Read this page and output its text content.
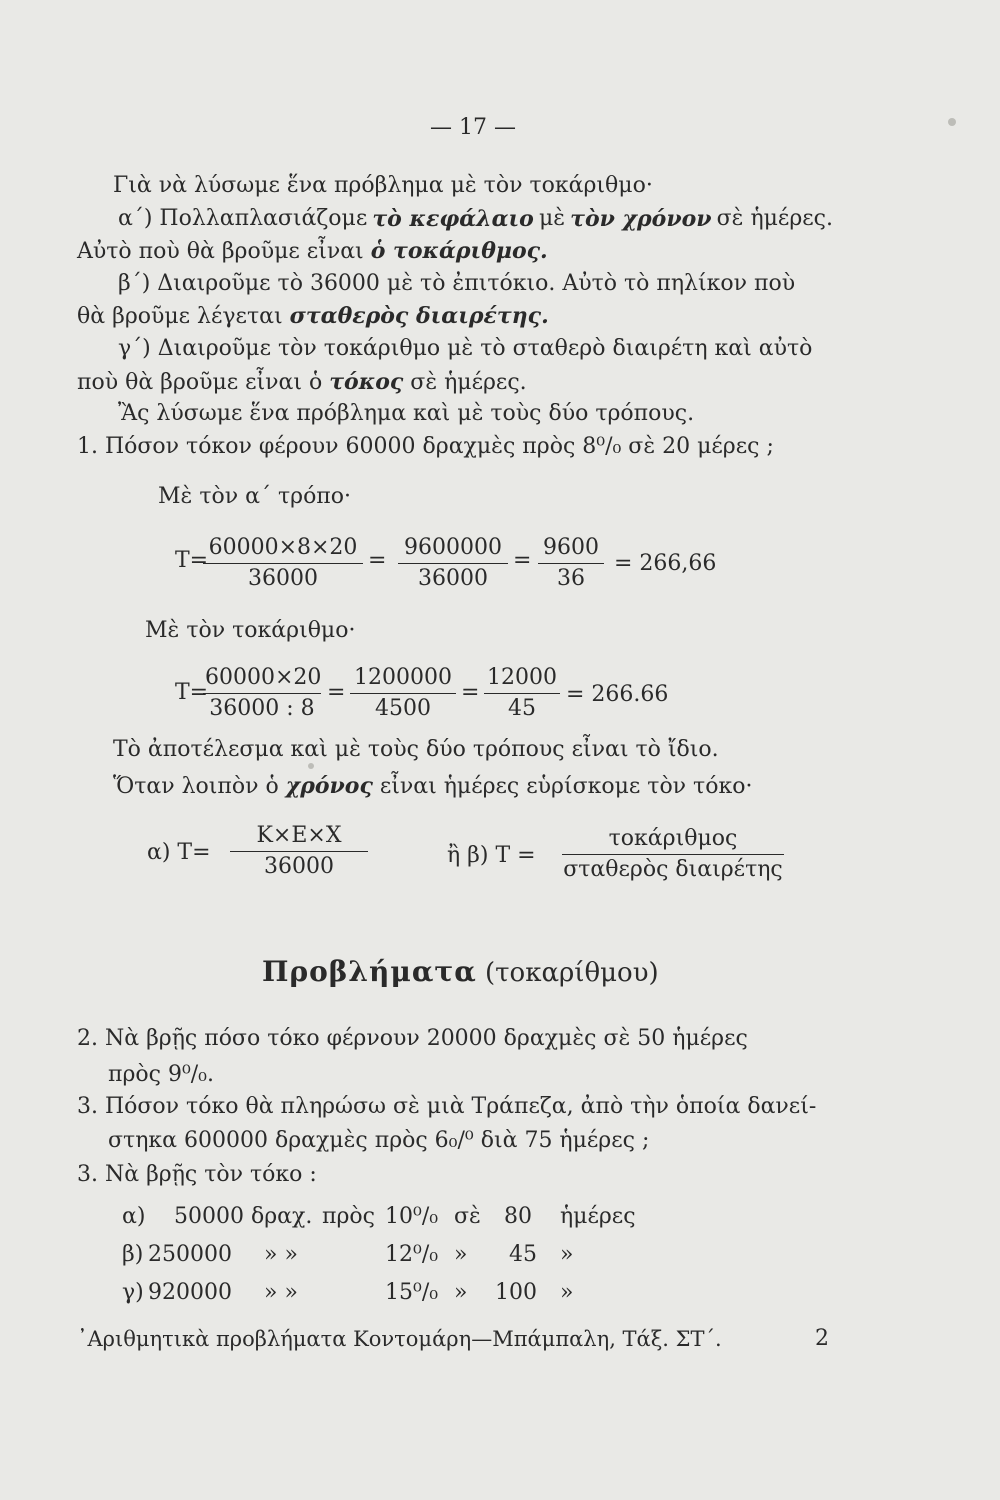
— 17 —
Γιὰ νὰ λύσωμε ἕνα πρόβλημα μὲ τὸν τοκάριθμο·
α΄) Πολλαπλασιάζομε τὸ κεφάλαιο μὲ τὸν χρόνον σὲ ἡμέρες.
Αὐτὸ ποὺ θὰ βροῦμε εἶναι ὁ τοκάριθμος.
β΄) Διαιροῦμε τὸ 36000 μὲ τὸ ἐπιτόκιο. Αὐτὸ τὸ πηλίκον ποὺ
θὰ βροῦμε λέγεται σταθερὸς διαιρέτης.
γ΄) Διαιροῦμε τὸν τοκάριθμο μὲ τὸ σταθερὸ διαιρέτη καὶ αὐτὸ
ποὺ θὰ βροῦμε εἶναι ὁ τόκος σὲ ἡμέρες.
Ἂς λύσωμε ἕνα πρόβλημα καὶ μὲ τοὺς δύο τρόπους.
1. Πόσον τόκον φέρουν 60000 δραχμὲς πρὸς 8⁰/₀ σὲ 20 μέρες ;
Μὲ τὸν α΄ τρόπο·
Τ=
$\frac{60000\times 8\times 20}{36000} = \frac{9600000}{36000} = \frac{9600}{36} = 266,66$
Μὲ τὸν τοκάριθμο·
Τ=
$\frac{60000\times 20}{36000 : 8} = \frac{1200000}{4500} = \frac{12000}{45} = 266.66$
Τὸ ἀποτέλεσμα καὶ μὲ τοὺς δύο τρόπους εἶναι τὸ ἴδιο.
Ὅταν λοιπὸν ὁ χρόνος εἶναι ἡμέρες εὑρίσκομε τὸν τόκο·
α) $T= \frac{K\times E\times X}{36000}$	ἢ β) Τ =
τοκάριθμος
σταθερὸς διαιρέτης
Προβλήματα (τοκαρίθμου)
2. Νὰ βρῇς πόσο τόκο φέρνουν 20000 δραχμὲς σὲ 50 ἡμέρες
πρὸς 9⁰/₀.
3. Πόσον τόκο θὰ πληρώσω σὲ μιὰ Τράπεζα, ἀπὸ τὴν ὁποία δανεί-
στηκα 600000 δραχμὲς πρὸς 6₀/⁰ διὰ 75 ἡμέρες ;
3. Νὰ βρῇς τὸν τόκο :
α) 50000 δραχ. πρὸς 10⁰/₀ σὲ 80 ἡμέρες
β) 250000 » »	12⁰/₀ » 45 »
γ) 920000 » »	15⁰/₀ » 100 »
᾿Αριθμητικὰ προβλήματα Κοντομάρη—Μπάμπαλη, Τάξ. ΣΤ΄.	2
